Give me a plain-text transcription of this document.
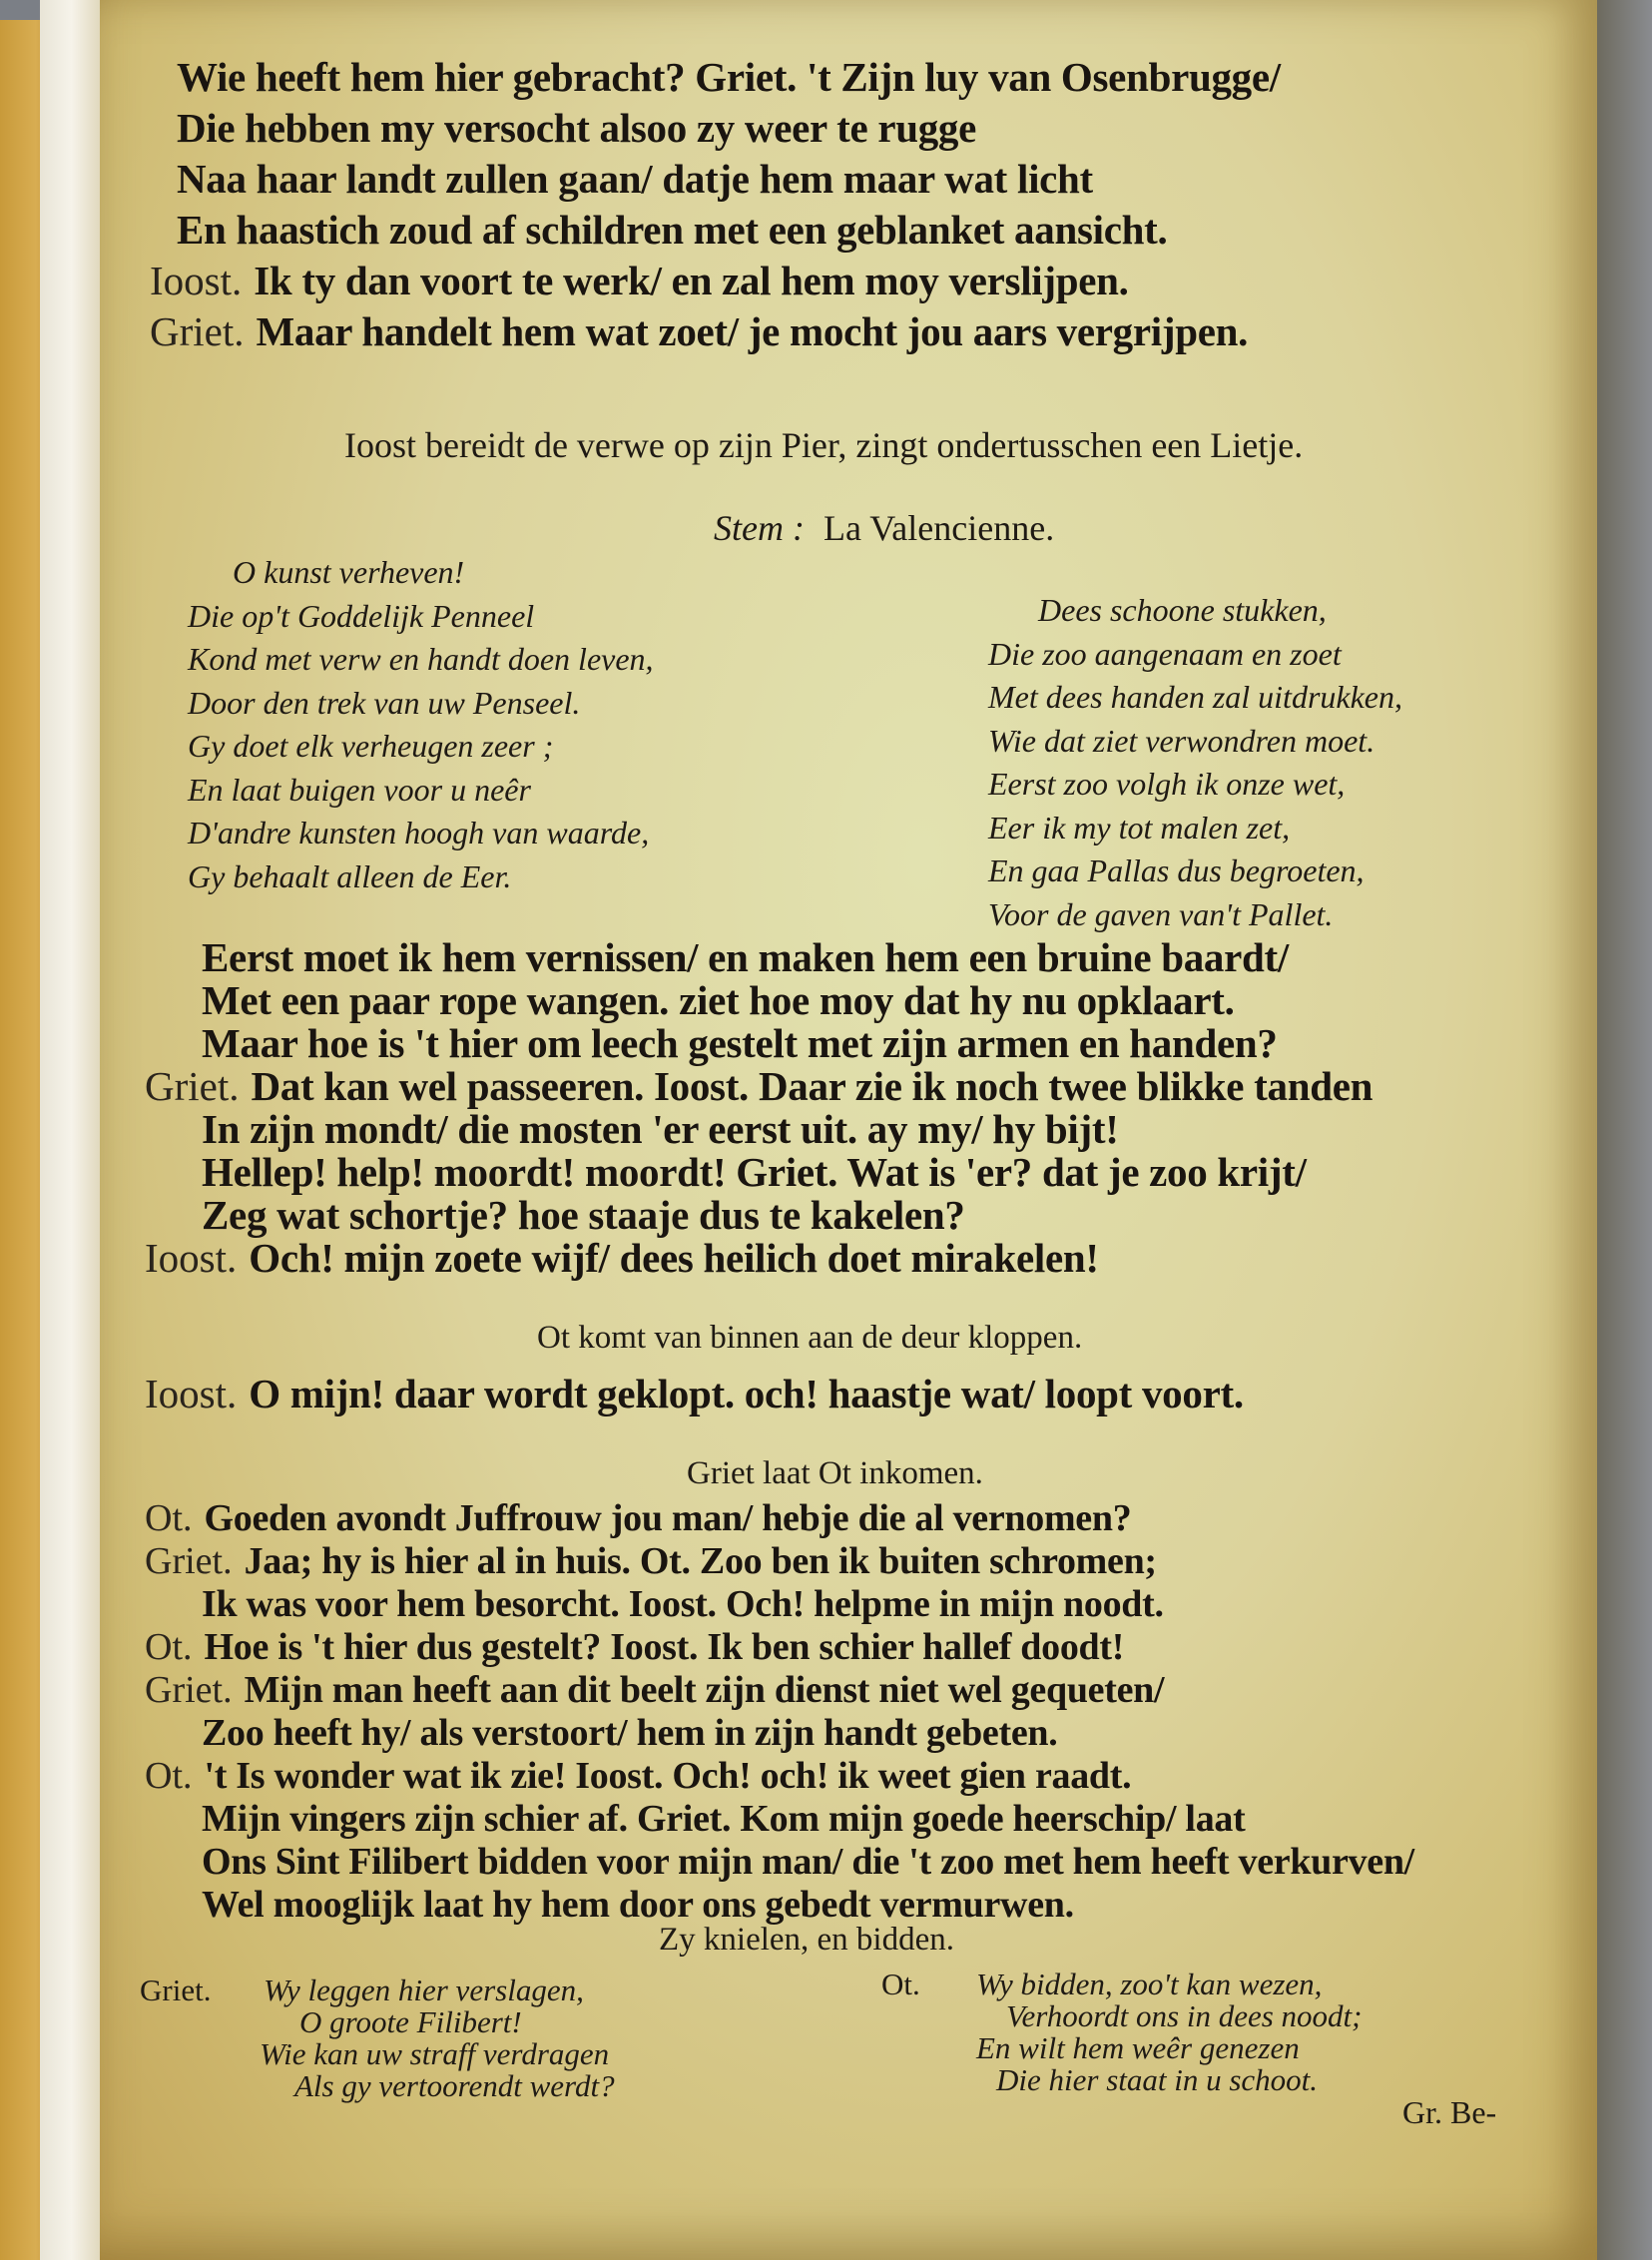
Wie heeft hem hier gebracht? Griet. 't Zijn luy van Osenbrugge/
Die hebben my versocht alsoo zy weer te rugge
Naa haar landt zullen gaan/ datje hem maar wat licht
En haastich zoud af schildren met een geblanket aansicht.
Ioost. Ik ty dan voort te werk/ en zal hem moy verslijpen.
Griet. Maar handelt hem wat zoet/ je mocht jou aars vergrijpen.
Ioost bereidt de verwe op zijn Pier, zingt ondertusschen een Lietje.
Stem : La Valencienne.
O kunst verheven!
Die op't Goddelijk Penneel
Kond met verw en handt doen leven,
Door den trek van uw Penseel.
Gy doet elk verheugen zeer ;
En laat buigen voor u neêr
D'andre kunsten hoogh van waarde,
Gy behaalt alleen de Eer.
Dees schoone stukken,
Die zoo aangenaam en zoet
Met dees handen zal uitdrukken,
Wie dat ziet verwondren moet.
Eerst zoo volgh ik onze wet,
Eer ik my tot malen zet,
En gaa Pallas dus begroeten,
Voor de gaven van't Pallet.
Eerst moet ik hem vernissen/ en maken hem een bruine baardt/
Met een paar rope wangen. ziet hoe moy dat hy nu opklaart.
Maar hoe is 't hier om leech gestelt met zijn armen en handen?
Griet. Dat kan wel passeeren. Ioost. Daar zie ik noch twee blikke tanden
In zijn mondt/ die mosten 'er eerst uit. ay my/ hy bijt!
Hellep! help! moordt! moordt! Griet. Wat is 'er? dat je zoo krijt/
Zeg wat schortje? hoe staaje dus te kakelen?
Ioost. Och! mijn zoete wijf/ dees heilich doet mirakelen!
Ot komt van binnen aan de deur kloppen.
Ioost. O mijn! daar wordt geklopt. och! haastje wat/ loopt voort.
Griet laat Ot inkomen.
Ot. Goeden avondt Juffrouw jou man/ hebje die al vernomen?
Griet. Jaa; hy is hier al in huis. Ot. Zoo ben ik buiten schromen;
Ik was voor hem besorcht. Ioost. Och! helpme in mijn noodt.
Ot. Hoe is 't hier dus gestelt? Ioost. Ik ben schier hallef doodt!
Griet. Mijn man heeft aan dit beelt zijn dienst niet wel gequeten/
Zoo heeft hy/ als verstoort/ hem in zijn handt gebeten.
Ot. 't Is wonder wat ik zie! Ioost. Och! och! ik weet gien raadt.
Mijn vingers zijn schier af. Griet. Kom mijn goede heerschip/ laat
Ons Sint Filibert bidden voor mijn man/ die 't zoo met hem heeft verkurven/
Wel mooglijk laat hy hem door ons gebedt vermurwen.
Zy knielen, en bidden.
Griet. Wy leggen hier verslagen,
O groote Filibert!
Wie kan uw straff verdragen
Als gy vertoorendt werdt?
Ot. Wy bidden, zoo't kan wezen,
Verhoordt ons in dees noodt;
En wilt hem weêr genezen
Die hier staat in u schoot.
Gr. Be-
